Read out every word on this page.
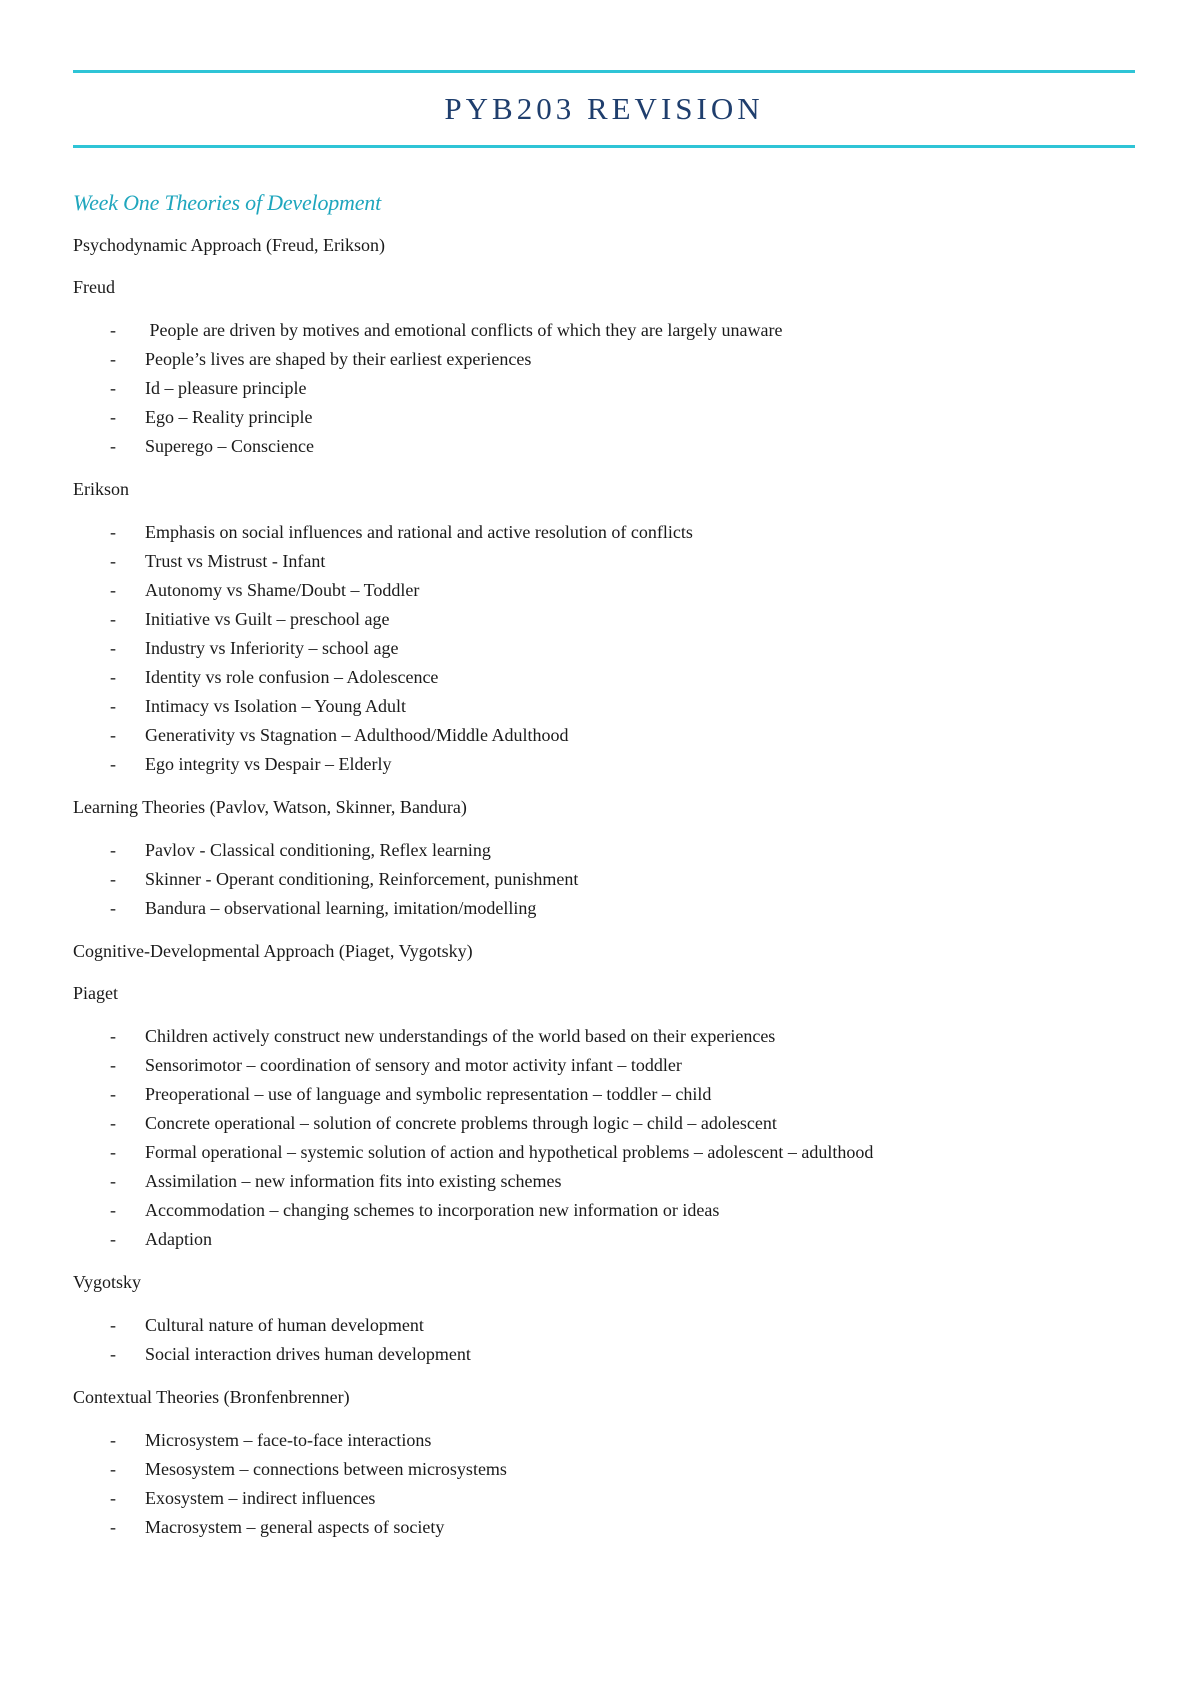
PYB203 REVISION
Week One Theories of Development

Psychodynamic Approach (Freud, Erikson)

Freud

- People are driven by motives and emotional conflicts of which they are largely unaware
- People’s lives are shaped by their earliest experiences
- Id – pleasure principle
- Ego – Reality principle
- Superego – Conscience

Erikson

- Emphasis on social influences and rational and active resolution of conflicts
- Trust vs Mistrust - Infant
- Autonomy vs Shame/Doubt – Toddler
- Initiative vs Guilt – preschool age
- Industry vs Inferiority – school age
- Identity vs role confusion – Adolescence
- Intimacy vs Isolation – Young Adult
- Generativity vs Stagnation – Adulthood/Middle Adulthood
- Ego integrity vs Despair – Elderly

Learning Theories (Pavlov, Watson, Skinner, Bandura)

- Pavlov - Classical conditioning, Reflex learning
- Skinner - Operant conditioning, Reinforcement, punishment
- Bandura – observational learning, imitation/modelling

Cognitive-Developmental Approach (Piaget, Vygotsky)

Piaget

- Children actively construct new understandings of the world based on their experiences
- Sensorimotor – coordination of sensory and motor activity infant – toddler
- Preoperational – use of language and symbolic representation – toddler – child
- Concrete operational – solution of concrete problems through logic – child – adolescent
- Formal operational – systemic solution of action and hypothetical problems – adolescent – adulthood
- Assimilation – new information fits into existing schemes
- Accommodation – changing schemes to incorporation new information or ideas
- Adaption

Vygotsky

- Cultural nature of human development
- Social interaction drives human development

Contextual Theories (Bronfenbrenner)

- Microsystem – face-to-face interactions
- Mesosystem – connections between microsystems
- Exosystem – indirect influences
- Macrosystem – general aspects of society
